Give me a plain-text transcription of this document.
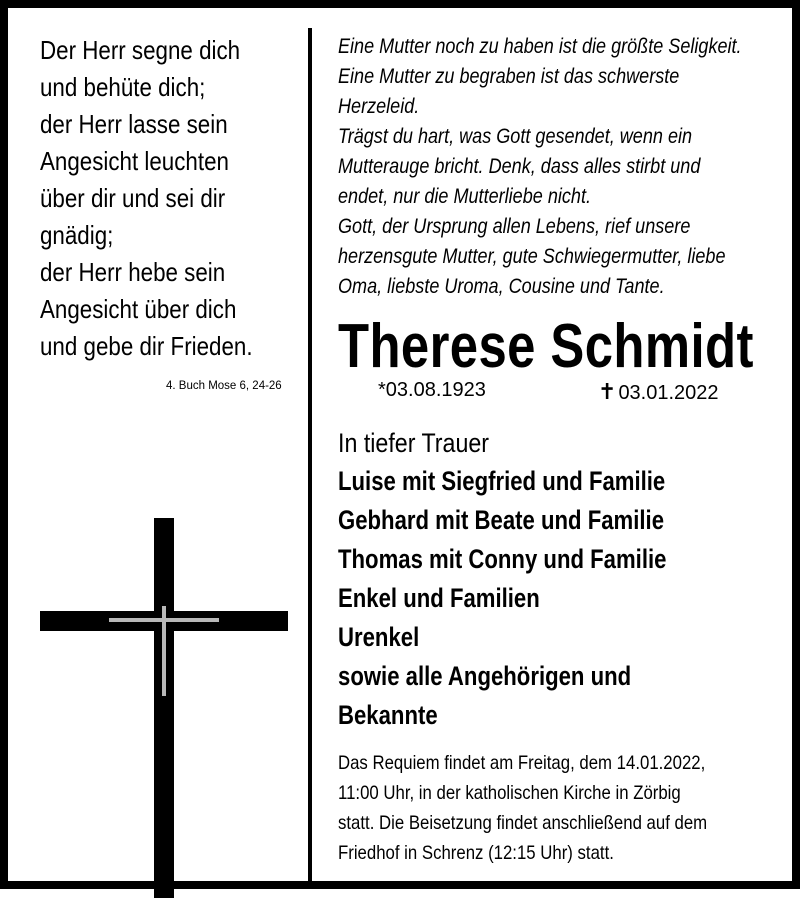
Der Herr segne dich
und behüte dich;
der Herr lasse sein
Angesicht leuchten
über dir und sei dir
gnädig;
der Herr hebe sein
Angesicht über dich
und gebe dir Frieden.
4. Buch Mose 6, 24-26
Eine Mutter noch zu haben ist die größte Seligkeit.
Eine Mutter zu begraben ist das schwerste
Herzeleid.
Trägst du hart, was Gott gesendet, wenn ein
Mutterauge bricht. Denk, dass alles stirbt und
endet, nur die Mutterliebe nicht.
Gott, der Ursprung allen Lebens, rief unsere
herzensgute Mutter, gute Schwiegermutter, liebe
Oma, liebste Uroma, Cousine und Tante.
Therese Schmidt
*03.08.1923	✝ 03.01.2022
In tiefer Trauer
Luise mit Siegfried und Familie
Gebhard mit Beate und Familie
Thomas mit Conny und Familie
Enkel und Familien
Urenkel
sowie alle Angehörigen und
Bekannte
Das Requiem findet am Freitag, dem 14.01.2022,
11:00 Uhr, in der katholischen Kirche in Zörbig
statt. Die Beisetzung findet anschließend auf dem
Friedhof in Schrenz (12:15 Uhr) statt.
